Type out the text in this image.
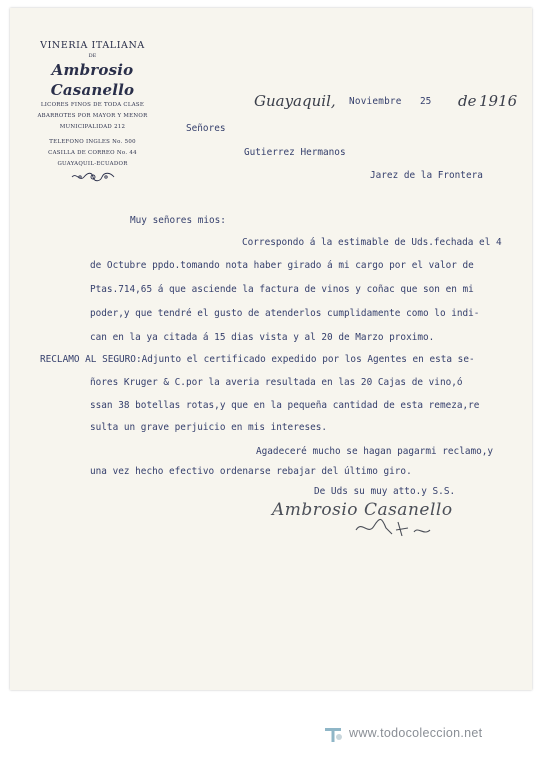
VINERIA ITALIANA
DE
Ambrosio Casanello
LICORES FINOS DE TODA CLASE
ABARROTES POR MAYOR Y MENOR
MUNICIPALIDAD 212
TELEFONO INGLES No. 500
CASILLA DE CORREO No. 44
GUAYAQUIL-ECUADOR
Guayaquil, Noviembre 25 de 1916
Señores
Gutierrez Hermanos
Jarez de la Frontera
Muy señores mios:
Correspondo á la estimable de Uds.fechada el 4
de Octubre ppdo.tomando nota haber girado á mi cargo por el valor de
Ptas.714,65 á que asciende la factura de vinos y coñac que son en mi
poder,y que tendré el gusto de atenderlos cumplidamente como lo indi-
can en la ya citada á 15 dias vista y al 20 de Marzo proximo.
RECLAMO AL SEGURO:Adjunto el certificado expedido por los Agentes en esta se-
ñores Kruger & C.por la averia resultada en las 20 Cajas de vino,ó
ssan 38 botellas rotas,y que en la pequeña cantidad de esta remeza,re
sulta un grave perjuicio en mis intereses.
Agadeceré mucho se hagan pagarmi reclamo,y
una vez hecho efectivo ordenarse rebajar del último giro.
De Uds su muy atto.y S.S.
Ambrosio Casanello
www.todocoleccion.net
